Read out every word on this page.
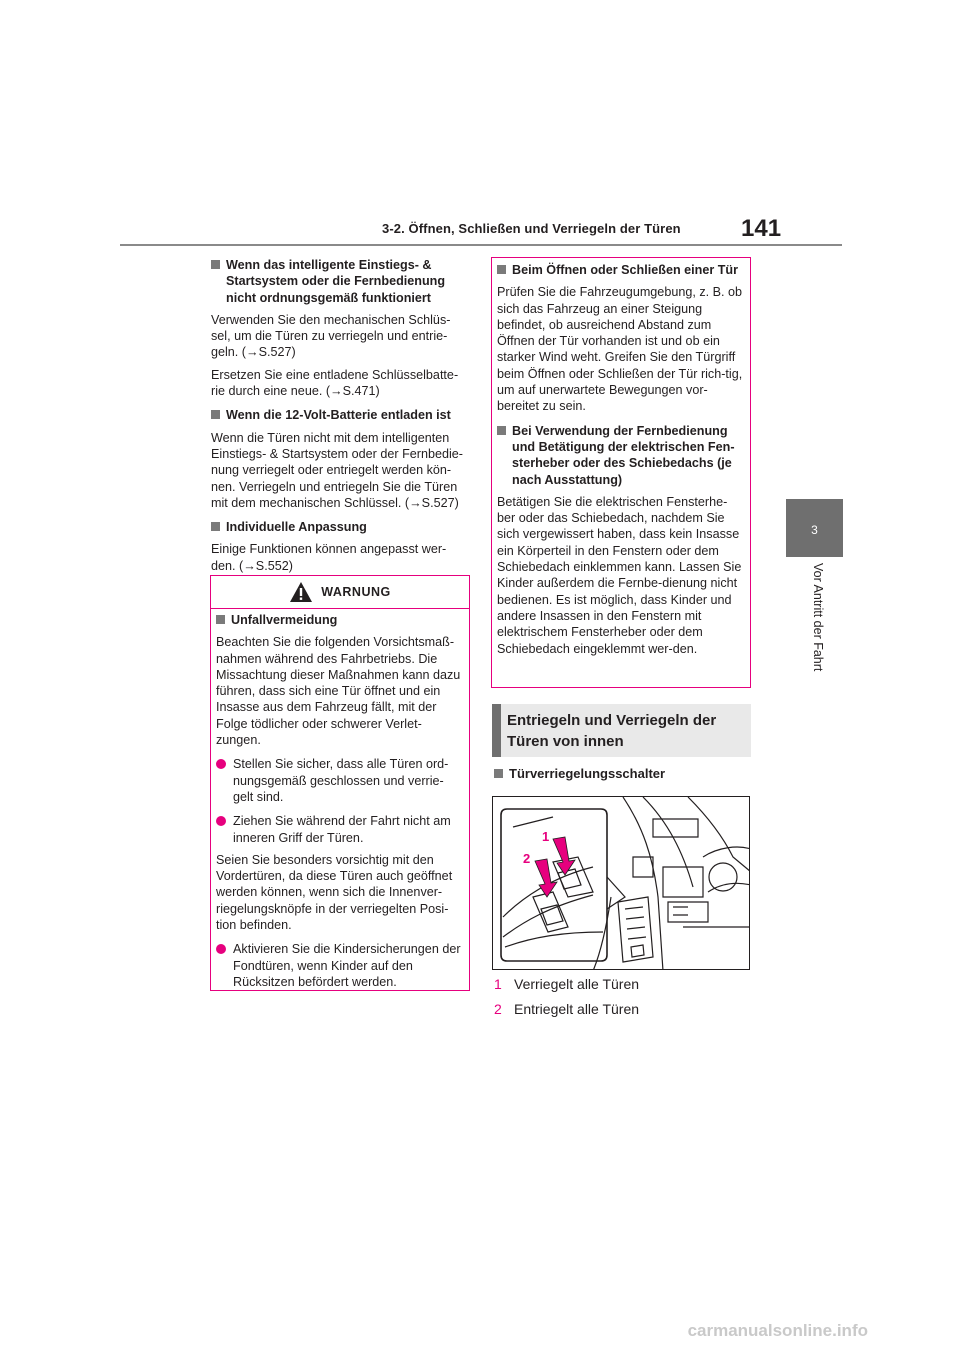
3-2. Öffnen, Schließen und Verriegeln der Türen	141
3
Vor Antritt der Fahrt
Wenn das intelligente Einstiegs- & Startsystem oder die Fernbedienung nicht ordnungsgemäß funktioniert

Verwenden Sie den mechanischen Schlüs-sel, um die Türen zu verriegeln und entrie-geln. (→S.527)

Ersetzen Sie eine entladene Schlüsselbatte-rie durch eine neue. (→S.471)

Wenn die 12-Volt-Batterie entladen ist

Wenn die Türen nicht mit dem intelligenten Einstiegs- & Startsystem oder der Fernbedie-nung verriegelt oder entriegelt werden kön-nen. Verriegeln und entriegeln Sie die Türen mit dem mechanischen Schlüssel. (→S.527)

Individuelle Anpassung

Einige Funktionen können angepasst wer-den. (→S.552)

WARNUNG
Unfallvermeidung

Beachten Sie die folgenden Vorsichtsmaß-nahmen während des Fahrbetriebs. Die Missachtung dieser Maßnahmen kann dazu führen, dass sich eine Tür öffnet und ein Insasse aus dem Fahrzeug fällt, mit der Folge tödlicher oder schwerer Verlet-zungen.

Stellen Sie sicher, dass alle Türen ord-nungsgemäß geschlossen und verrie-gelt sind.
Ziehen Sie während der Fahrt nicht am inneren Griff der Türen.

Seien Sie besonders vorsichtig mit den Vordertüren, da diese Türen auch geöffnet werden können, wenn sich die Innenver-riegelungsknöpfe in der verriegelten Posi-tion befinden.

Aktivieren Sie die Kindersicherungen der Fondtüren, wenn Kinder auf den Rücksitzen befördert werden.
Beim Öffnen oder Schließen einer Tür

Prüfen Sie die Fahrzeugumgebung, z. B. ob sich das Fahrzeug an einer Steigung befindet, ob ausreichend Abstand zum Öffnen der Tür vorhanden ist und ob ein starker Wind weht. Greifen Sie den Türgriff beim Öffnen oder Schließen der Tür rich-tig, um auf unerwartete Bewegungen vor-bereitet zu sein.

Bei Verwendung der Fernbedienung und Betätigung der elektrischen Fen-sterheber oder des Schiebedachs (je nach Ausstattung)

Betätigen Sie die elektrischen Fensterhe-ber oder das Schiebedach, nachdem Sie sich vergewissert haben, dass kein Insasse ein Körperteil in den Fenstern oder dem Schiebedach einklemmen kann. Lassen Sie Kinder außerdem die Fernbe-dienung nicht bedienen. Es ist möglich, dass Kinder und andere Insassen in den Fenstern mit elektrischem Fensterheber oder dem Schiebedach eingeklemmt wer-den.

Entriegeln und Verriegeln der Türen von innen
Türverriegelungsschalter
1
2
1 Verriegelt alle Türen
2 Entriegelt alle Türen
carmanualsonline.info
